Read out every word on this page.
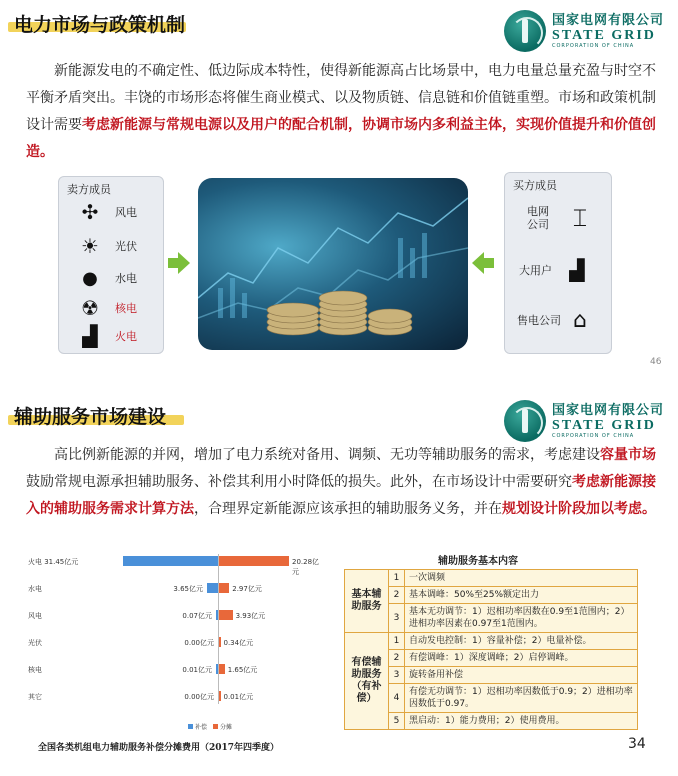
电力市场与政策机制	国家电网有限公司
STATE GRID
CORPORATION OF CHINA
新能源发电的不确定性、低边际成本特性，使得新能源高占比场景中，电力电量总量充盈与时空不平衡矛盾突出。丰饶的市场形态将催生商业模式、以及物质链、信息链和价值链重塑。市场和政策机制设计需要考虑新能源与常规电源以及用户的配合机制，协调市场内多利益主体，实现价值提升和价值创造。
卖方成员
✣	风电
☀	光伏
●	水电
☢	核电
▟	火电
买方成员
电网
公司 ⌶
大用户 ▟
售电公司 ⌂
46
辅助服务市场建设	国家电网有限公司
STATE GRID
CORPORATION OF CHINA
高比例新能源的并网，增加了电力系统对备用、调频、无功等辅助服务的需求，考虑建设容量市场鼓励常规电源承担辅助服务、补偿其利用小时降低的损失。此外，在市场设计中需要研究考虑新能源接入的辅助服务需求计算方法，合理界定新能源应该承担的辅助服务义务，并在规划设计阶段加以考虑。
火电 31.45亿元	20.28亿元
水电	3.65亿元	2.97亿元
风电	0.07亿元	3.93亿元
光伏	0.00亿元 0.34亿元
核电	0.01亿元 1.65亿元
其它	0.00亿元 0.01亿元
补偿 分摊
全国各类机组电力辅助服务补偿分摊费用（2017年四季度）
辅助服务基本内容
基本辅助服务	1	一次调频
	2	基本调峰：50%至25%额定出力
	3	基本无功调节：1）迟相功率因数在0.9至1范围内；2）进相功率因素在0.97至1范围内。
有偿辅助服务（有补偿）	1	自动发电控制：1）容量补偿；2）电量补偿。
	2	有偿调峰：1）深度调峰；2）启停调峰。
	3	旋转备用补偿
	4	有偿无功调节：1）迟相功率因数低于0.9；2）进相功率因数低于0.97。
	5	黑启动：1）能力费用；2）使用费用。
34
